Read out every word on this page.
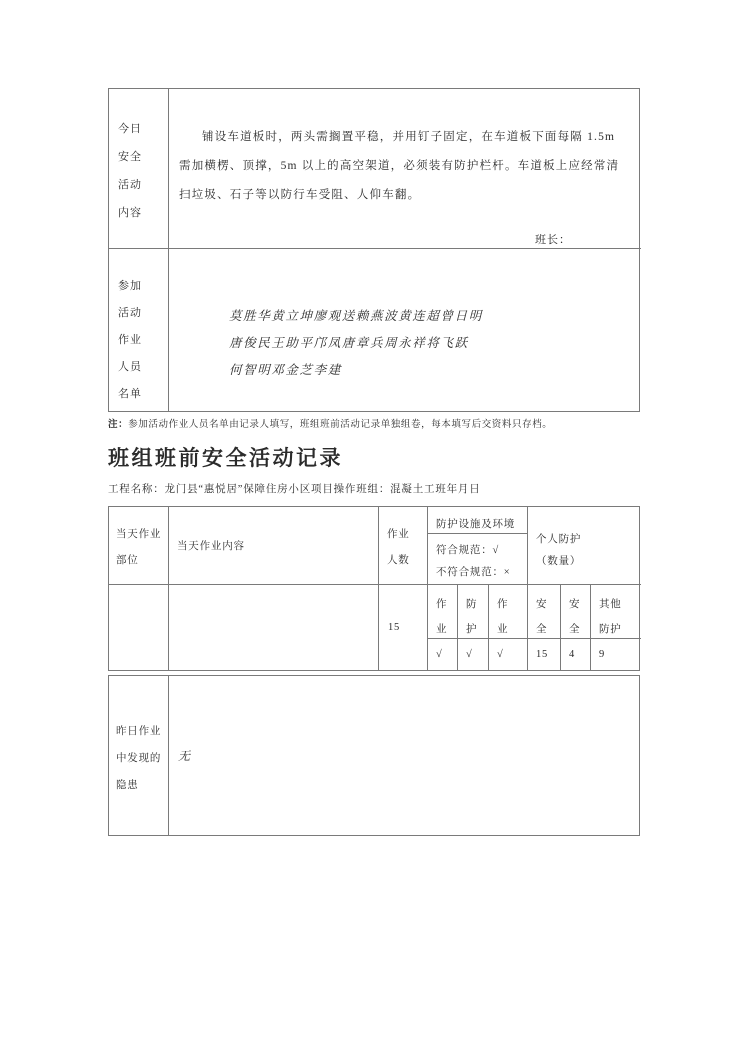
今日
安全
活动
内容
铺设车道板时，两头需搁置平稳，并用钉子固定，在车道板下面每隔 1.5m 需加横楞、顶撑，5m 以上的高空架道，必须装有防护栏杆。车道板上应经常清扫垃圾、石子等以防行车受阻、人仰车翻。
班长：
参加
活动
作业
人员
名单
莫胜华黄立坤廖观送赖燕波黄连超曾日明
唐俊民王助平邝凤唐章兵周永祥将飞跃
何智明邓金芝李建
注：参加活动作业人员名单由记录人填写，班组班前活动记录单独组卷，每本填写后交资料只存档。
班组班前安全活动记录
工程名称：龙门县“惠悦居”保障住房小区项目操作班组：混凝土工班年月日
当天作业
部位
当天作业内容
作业
人数
防护设施及环境
符合规范：√
不符合规范：×
个人防护
（数量）
15
作
业
防
护
作
业
安
全
安
全
其他
防护
√ √ √	15 4 9
昨日作业
中发现的
隐患
无
